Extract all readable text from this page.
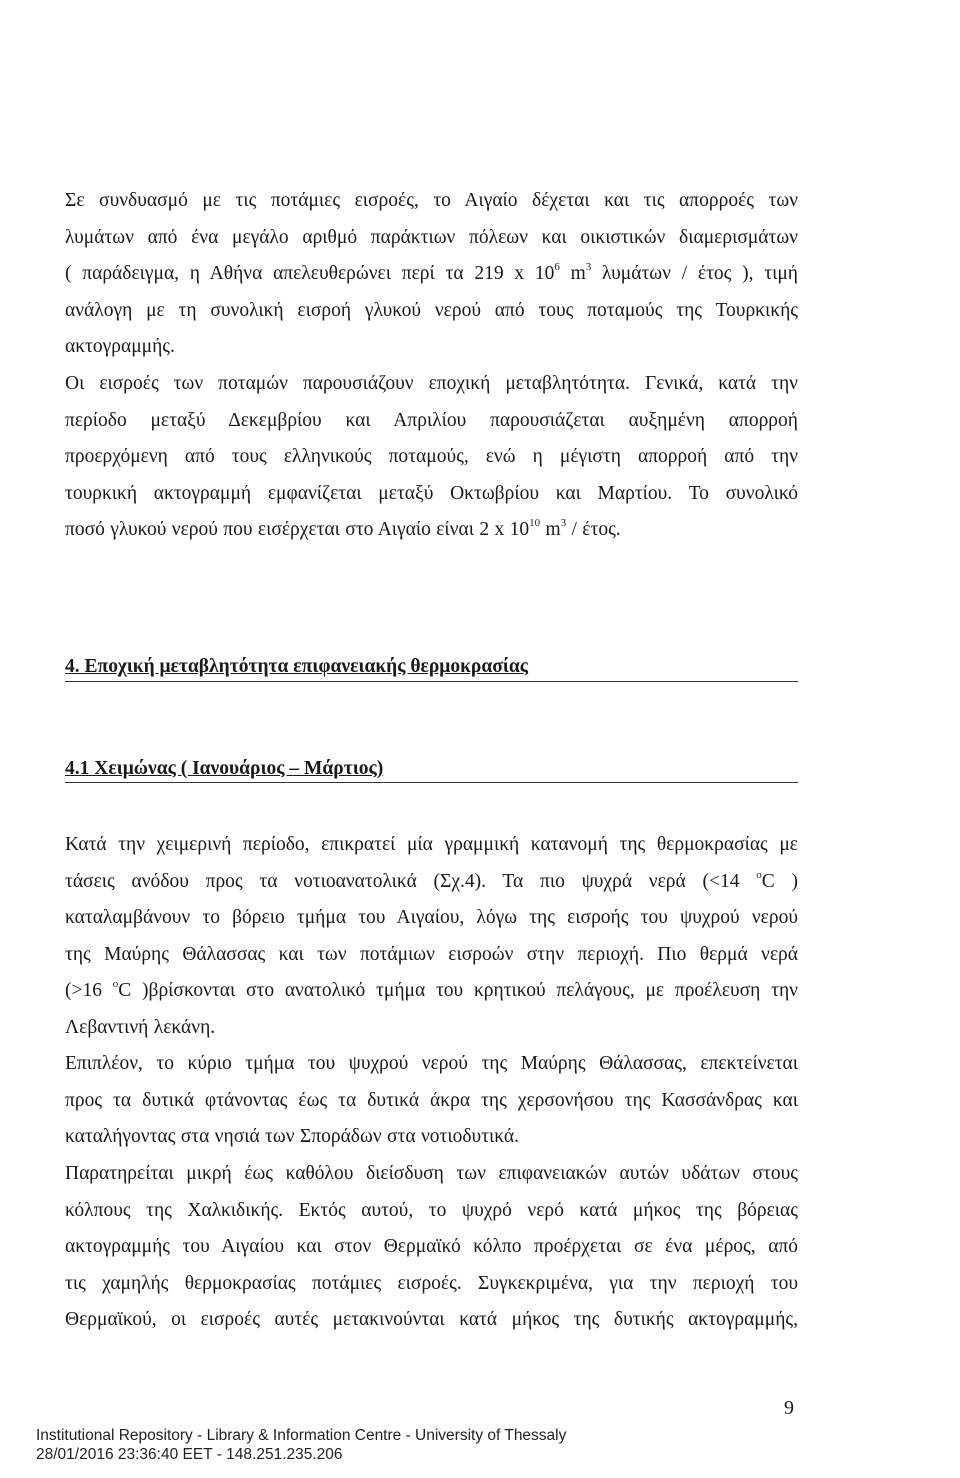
Σε συνδυασμό με τις ποτάμιες εισροές, το Αιγαίο δέχεται και τις απορροές των
λυμάτων από ένα μεγάλο αριθμό παράκτιων πόλεων και οικιστικών διαμερισμάτων
( παράδειγμα, η Αθήνα απελευθερώνει περί τα 219 x $10^6$ $m^3$ λυμάτων / έτος ), τιμή
ανάλογη με τη συνολική εισροή γλυκού νερού από τους ποταμούς της Τουρκικής
ακτογραμμής.
Οι εισροές των ποταμών παρουσιάζουν εποχική μεταβλητότητα. Γενικά, κατά την
περίοδο μεταξύ Δεκεμβρίου και Απριλίου παρουσιάζεται αυξημένη απορροή
προερχόμενη από τους ελληνικούς ποταμούς, ενώ η μέγιστη απορροή από την
τουρκική ακτογραμμή εμφανίζεται μεταξύ Οκτωβρίου και Μαρτίου. Το συνολικό
ποσό γλυκού νερού που εισέρχεται στο Αιγαίο είναι 2 x $10^{10}$ $m^3$ / έτος.
4. Εποχική μεταβλητότητα επιφανειακής θερμοκρασίας
4.1 Χειμώνας ( Ιανουάριος – Μάρτιος)
Κατά την χειμερινή περίοδο, επικρατεί μία γραμμική κατανομή της θερμοκρασίας με
τάσεις ανόδου προς τα νοτιοανατολικά (Σχ.4). Τα πιο ψυχρά νερά (<14 $^o$C )
καταλαμβάνουν το βόρειο τμήμα του Αιγαίου, λόγω της εισροής του ψυχρού νερού
της Μαύρης Θάλασσας και των ποτάμιων εισροών στην περιοχή. Πιο θερμά νερά
(>16 $^o$C )βρίσκονται στο ανατολικό τμήμα του κρητικού πελάγους, με προέλευση την
Λεβαντινή λεκάνη.
Επιπλέον, το κύριο τμήμα του ψυχρού νερού της Μαύρης Θάλασσας, επεκτείνεται
προς τα δυτικά φτάνοντας έως τα δυτικά άκρα της χερσονήσου της Κασσάνδρας και
καταλήγοντας στα νησιά των Σποράδων στα νοτιοδυτικά.
Παρατηρείται μικρή έως καθόλου διείσδυση των επιφανειακών αυτών υδάτων στους
κόλπους της Χαλκιδικής. Εκτός αυτού, το ψυχρό νερό κατά μήκος της βόρειας
ακτογραμμής του Αιγαίου και στον Θερμαϊκό κόλπο προέρχεται σε ένα μέρος, από
τις χαμηλής θερμοκρασίας ποτάμιες εισροές. Συγκεκριμένα, για την περιοχή του
Θερμαϊκού, οι εισροές αυτές μετακινούνται κατά μήκος της δυτικής ακτογραμμής,
9
Institutional Repository - Library & Information Centre - University of Thessaly
28/01/2016 23:36:40 EET - 148.251.235.206
